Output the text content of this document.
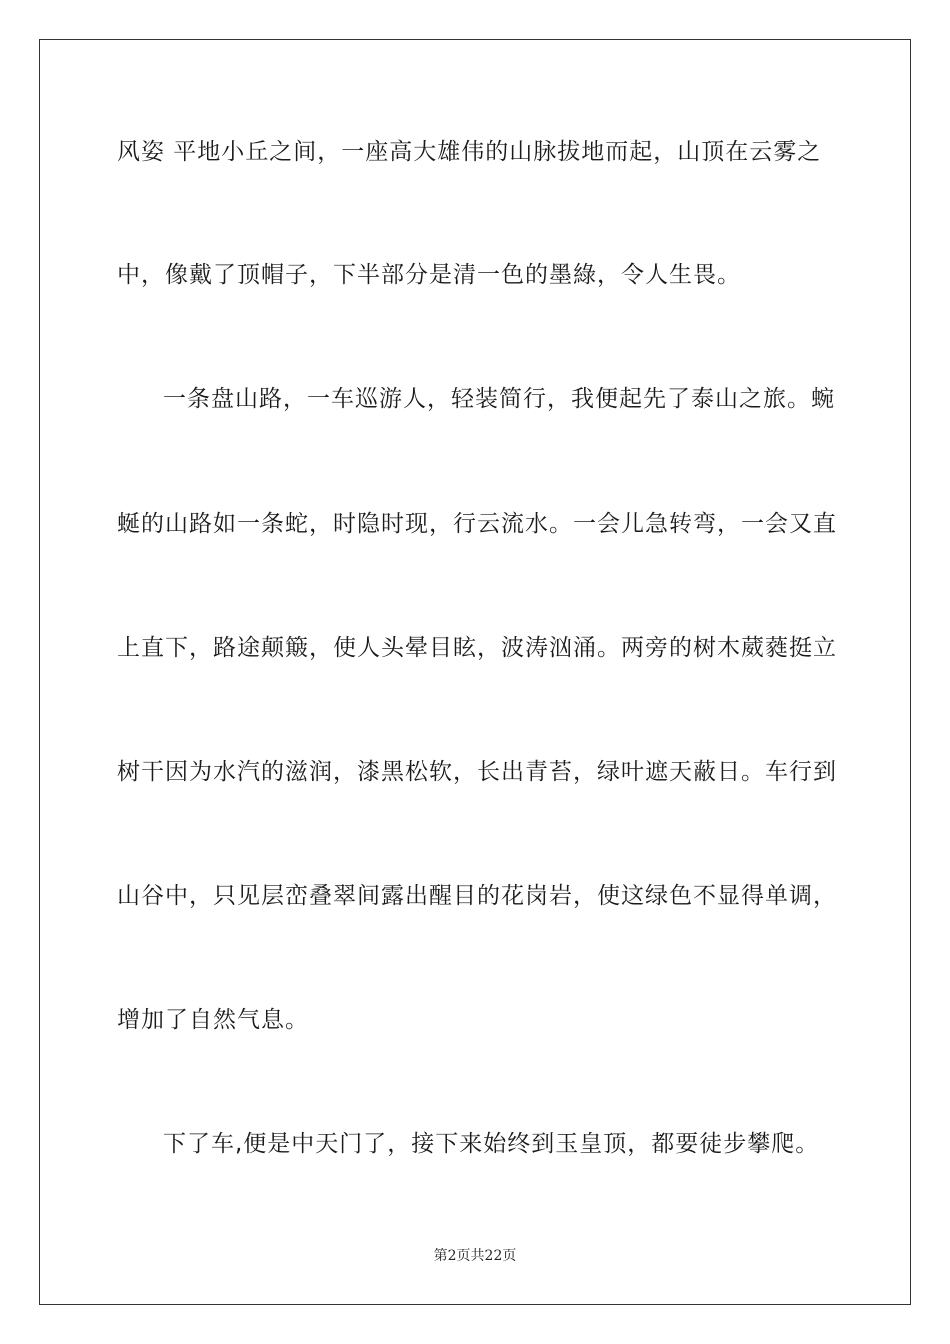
风姿 平地小丘之间，一座高大雄伟的山脉拔地而起，山顶在云雾之
中，像戴了顶帽子，下半部分是清一色的墨綠，令人生畏。
一条盘山路，一车巡游人，轻装简行，我便起先了泰山之旅。蜿
蜒的山路如一条蛇，时隐时现，行云流水。一会儿急转弯，一会又直
上直下，路途颠簸，使人头晕目眩，波涛汹涌。两旁的树木葳蕤挺立
树干因为水汽的滋润，漆黑松软，长出青苔，绿叶遮天蔽日。车行到
山谷中，只见层峦叠翠间露出醒目的花岗岩，使这绿色不显得单调，
增加了自然气息。
下了车,便是中天门了，接下来始终到玉皇顶，都要徒步攀爬。
第2页共22页
